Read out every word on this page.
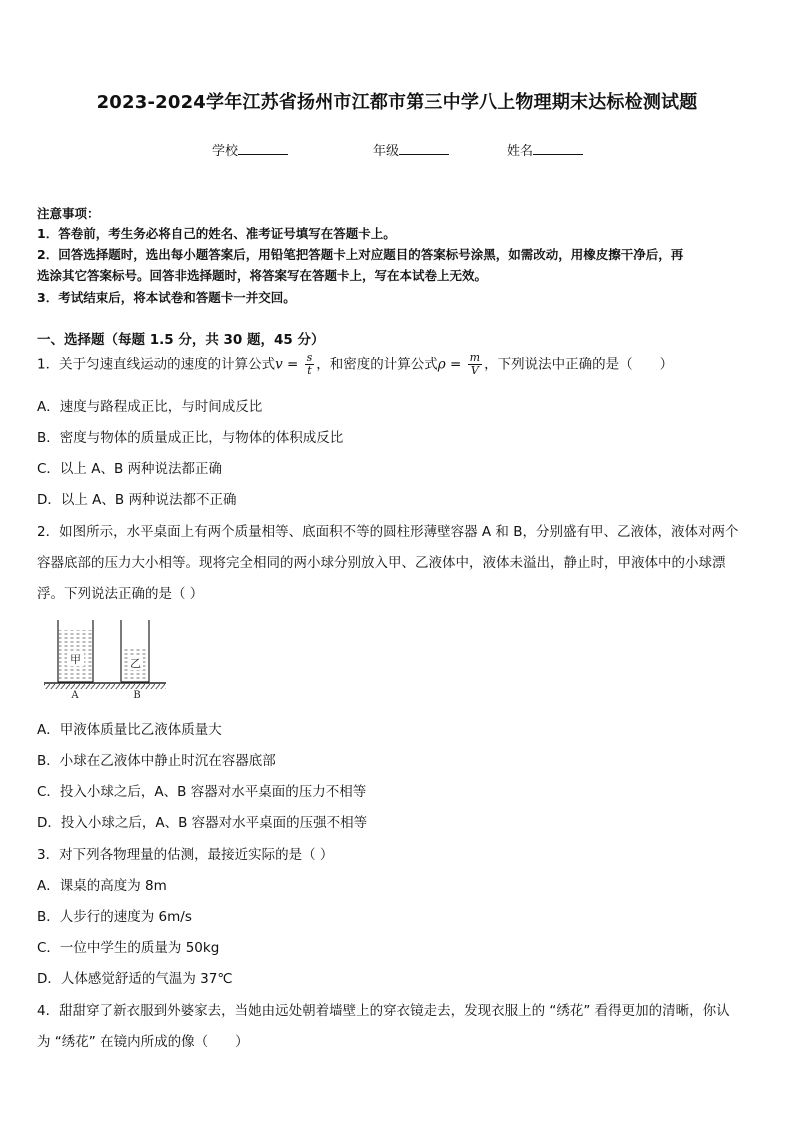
2023-2024学年江苏省扬州市江都市第三中学八上物理期末达标检测试题
学校	年级	姓名
注意事项：
1．答卷前，考生务必将自己的姓名、准考证号填写在答题卡上。
2．回答选择题时，选出每小题答案后，用铅笔把答题卡上对应题目的答案标号涂黑，如需改动，用橡皮擦干净后，再
选涂其它答案标号。回答非选择题时，将答案写在答题卡上，写在本试卷上无效。
3．考试结束后，将本试卷和答题卡一并交回。
一、选择题（每题 1.5 分，共 30 题，45 分）
1．关于匀速直线运动的速度的计算公式$v = \frac{s}{t}$ ，和密度的计算公式$\rho = \frac{m}{V}$ ，下列说法中正确的是（　　）
A．速度与路程成正比，与时间成反比
B．密度与物体的质量成正比，与物体的体积成反比
C．以上 A、B 两种说法都正确
D．以上 A、B 两种说法都不正确
2．如图所示，水平桌面上有两个质量相等、底面积不等的圆柱形薄壁容器 A 和 B，分别盛有甲、乙液体，液体对两个
容器底部的压力大小相等。现将完全相同的两小球分别放入甲、乙液体中，液体未溢出，静止时，甲液体中的小球漂
浮。下列说法正确的是（ ）
甲	乙
A	B
A．甲液体质量比乙液体质量大
B．小球在乙液体中静止时沉在容器底部
C．投入小球之后，A、B 容器对水平桌面的压力不相等
D．投入小球之后，A、B 容器对水平桌面的压强不相等
3．对下列各物理量的估测，最接近实际的是（ ）
A．课桌的高度为 8m
B．人步行的速度为 6m/s
C．一位中学生的质量为 50kg
D．人体感觉舒适的气温为 37℃
4．甜甜穿了新衣服到外婆家去，当她由远处朝着墙壁上的穿衣镜走去，发现衣服上的 “绣花” 看得更加的清晰，你认
为 “绣花” 在镜内所成的像（　　）
